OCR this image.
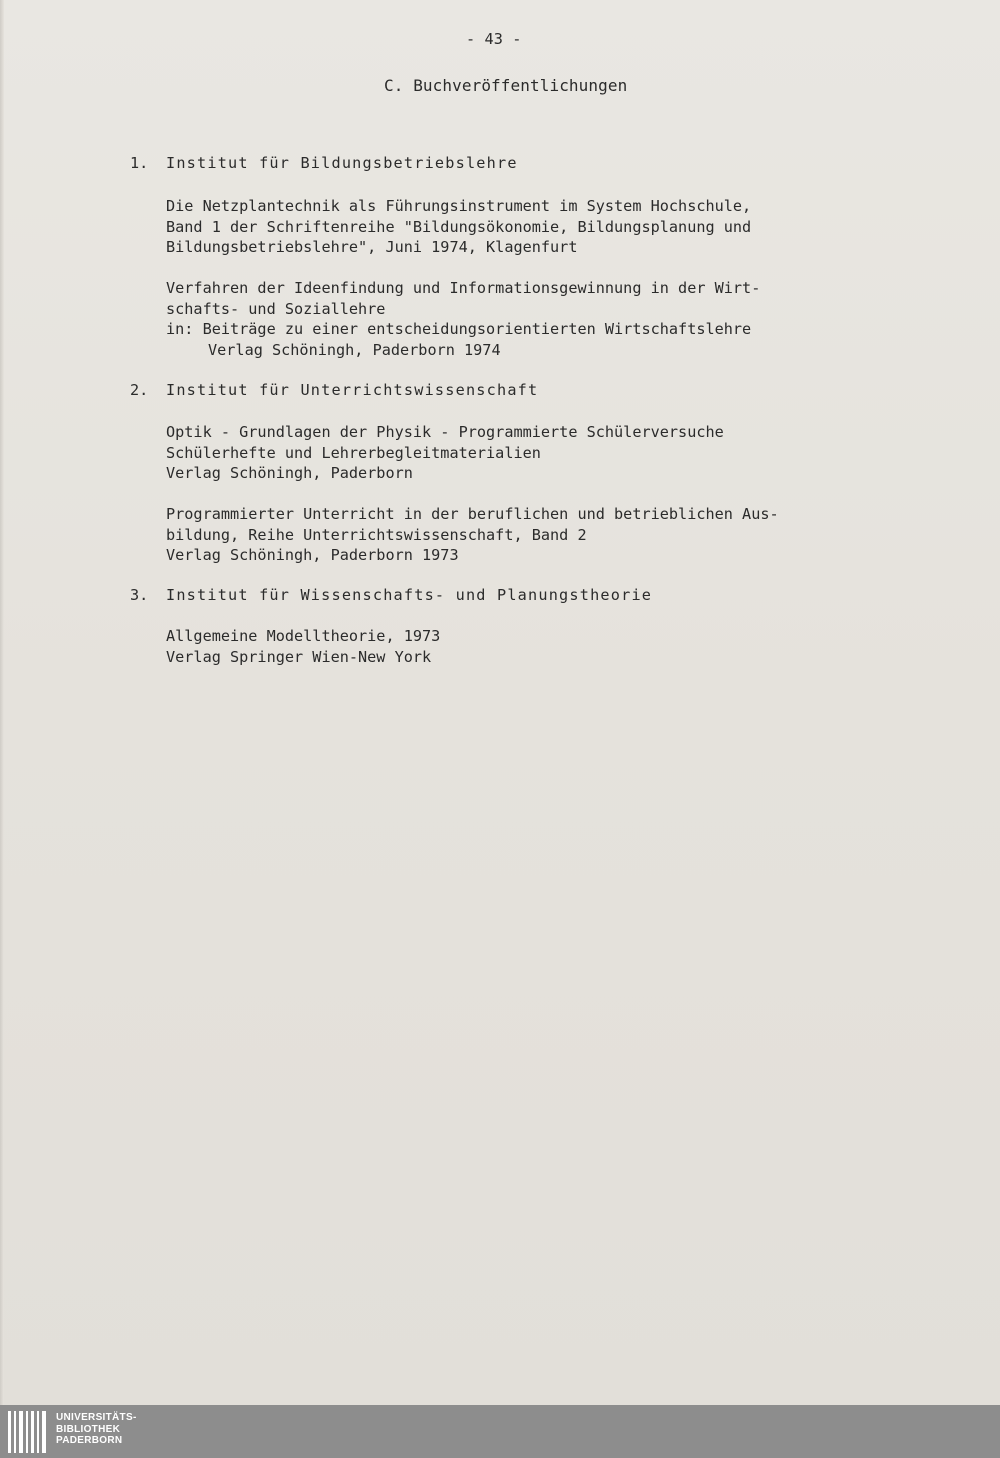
- 43 -
C. Buchveröffentlichungen
1. Institut für Bildungsbetriebslehre
Die Netzplantechnik als Führungsinstrument im System Hochschule,
Band 1 der Schriftenreihe "Bildungsökonomie, Bildungsplanung und
Bildungsbetriebslehre", Juni 1974, Klagenfurt
Verfahren der Ideenfindung und Informationsgewinnung in der Wirt-
schafts- und Soziallehre
in: Beiträge zu einer entscheidungsorientierten Wirtschaftslehre
Verlag Schöningh, Paderborn 1974
2. Institut für Unterrichtswissenschaft
Optik - Grundlagen der Physik - Programmierte Schülerversuche
Schülerhefte und Lehrerbegleitmaterialien
Verlag Schöningh, Paderborn
Programmierter Unterricht in der beruflichen und betrieblichen Aus-
bildung, Reihe Unterrichtswissenschaft, Band 2
Verlag Schöningh, Paderborn 1973
3. Institut für Wissenschafts- und Planungstheorie
Allgemeine Modelltheorie, 1973
Verlag Springer Wien-New York
UNIVERSITÄTS-
BIBLIOTHEK
PADERBORN
